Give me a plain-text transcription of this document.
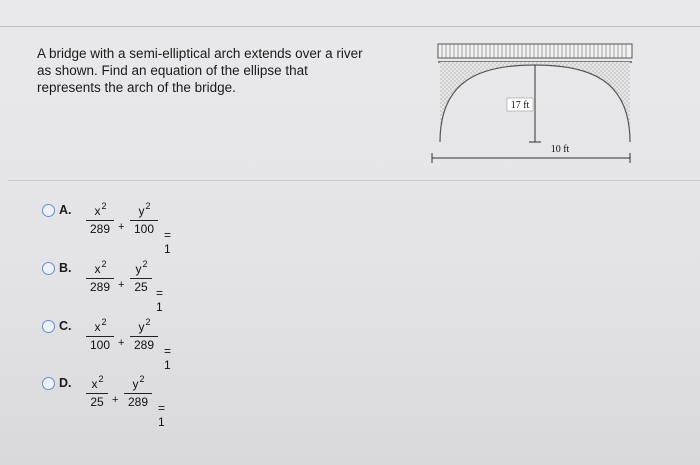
A bridge with a semi-elliptical arch extends over a river
as shown. Find an equation of the ellipse that
represents the arch of the bridge.
17 ft
10 ft
A.	$x^2$
289 +
$y^2$
100 = 1
B.	$x^2$
289 +
$y^2$
25 = 1
C.	$x^2$
100 +
$y^2$
289 = 1
D.	$x^2$
25 +
$y^2$
289 = 1
